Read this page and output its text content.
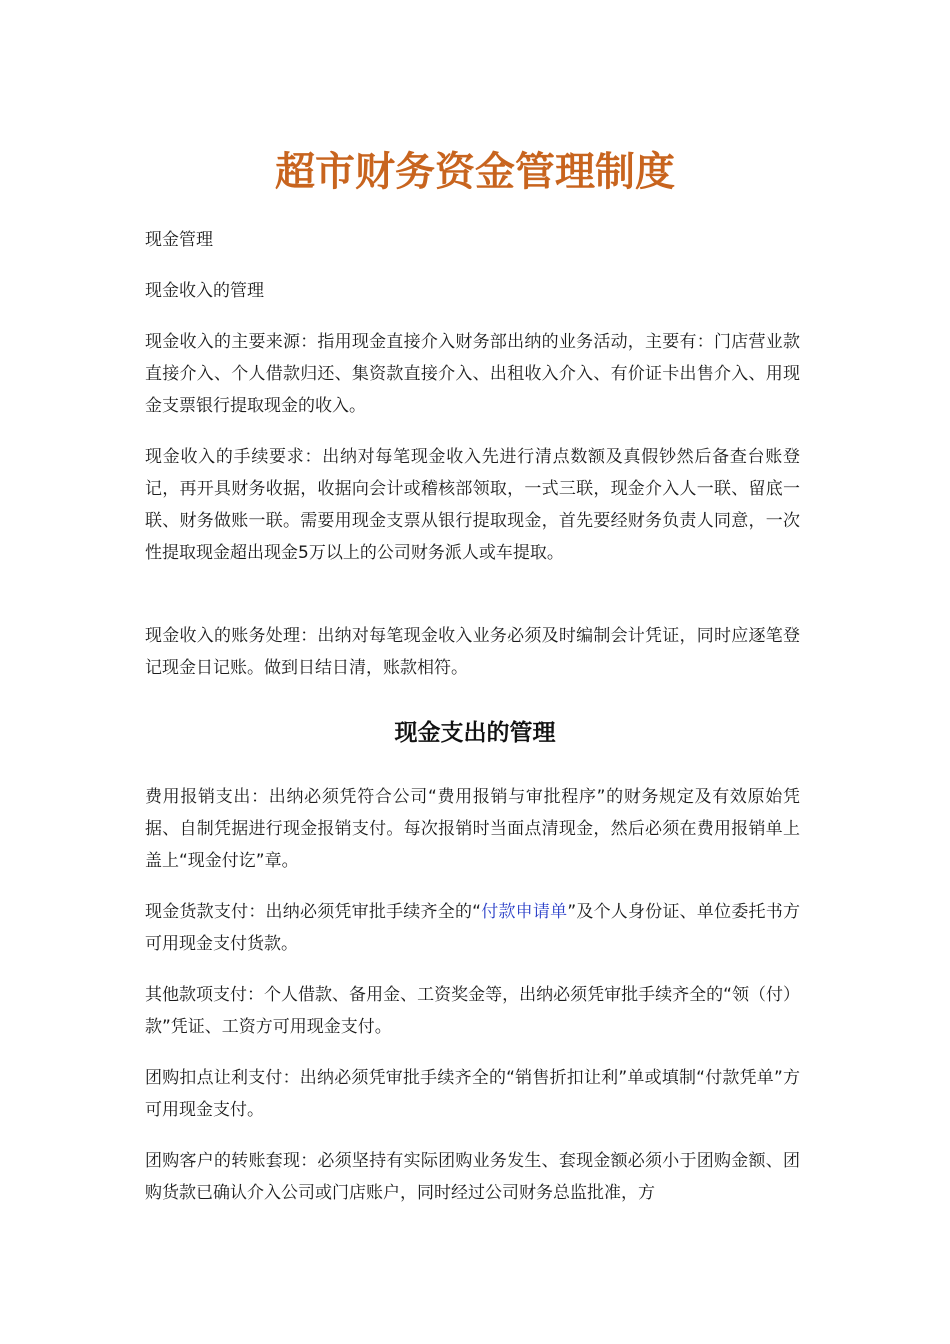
超市财务资金管理制度

现金管理

现金收入的管理

现金收入的主要来源：指用现金直接介入财务部出纳的业务活动，主要有：门店营业款直接介入、个人借款归还、集资款直接介入、出租收入介入、有价证卡出售介入、用现金支票银行提取现金的收入。

现金收入的手续要求：出纳对每笔现金收入先进行清点数额及真假钞然后备查台账登记，再开具财务收据，收据向会计或稽核部领取，一式三联，现金介入人一联、留底一联、财务做账一联。需要用现金支票从银行提取现金，首先要经财务负责人同意，一次性提取现金超出现金5万以上的公司财务派人或车提取。

现金收入的账务处理：出纳对每笔现金收入业务必须及时编制会计凭证，同时应逐笔登记现金日记账。做到日结日清，账款相符。

现金支出的管理

费用报销支出：出纳必须凭符合公司“费用报销与审批程序”的财务规定及有效原始凭据、自制凭据进行现金报销支付。每次报销时当面点清现金，然后必须在费用报销单上盖上“现金付讫”章。

现金货款支付：出纳必须凭审批手续齐全的“付款申请单”及个人身份证、单位委托书方可用现金支付货款。

其他款项支付：个人借款、备用金、工资奖金等，出纳必须凭审批手续齐全的“领（付）款”凭证、工资方可用现金支付。

团购扣点让利支付：出纳必须凭审批手续齐全的“销售折扣让利”单或填制“付款凭单”方可用现金支付。

团购客户的转账套现：必须坚持有实际团购业务发生、套现金额必须小于团购金额、团购货款已确认介入公司或门店账户，同时经过公司财务总监批准，方
